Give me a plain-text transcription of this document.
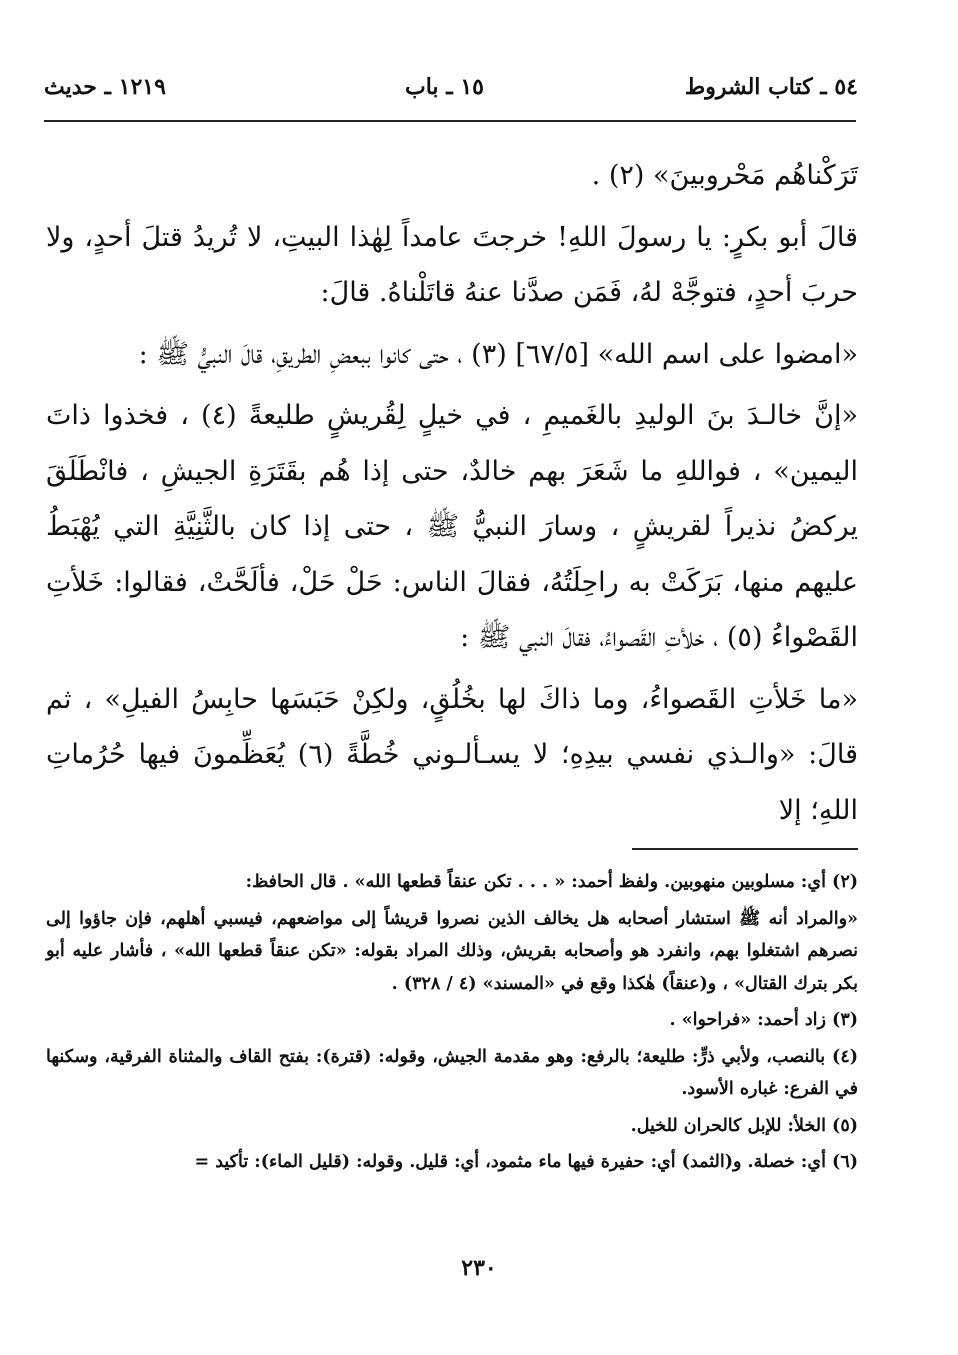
٥٤ ـ كتاب الشروط
١٥ ـ باب
١٢١٩ ـ حديث

تَرَكْناهُم مَحْروبينَ» (٢) .

قالَ أبو بكرٍ: يا رسولَ اللهِ! خرجتَ عامداً لِهٰذا البيتِ، لا تُريدُ قتلَ أحدٍ، ولا حربَ أحدٍ، فتوجَّهْ لهُ، فَمَن صدَّنا عنهُ قاتَلْناهُ. قالَ:

«امضوا على اسم الله» [٦٧/٥] (٣) ، حتى كانوا ببعضِ الطريقِ، قالَ النبيُّ ﷺ :

«إنَّ خالـدَ بنَ الوليدِ بالغَميمِ ، في خيلٍ لِقُريشٍ طليعةً (٤) ، فخذوا ذاتَ اليمين» ، فواللهِ ما شَعَرَ بهم خالدٌ، حتى إذا هُم بقَتَرَةِ الجيشِ ، فانْطَلَقَ يركضُ نذيراً لقريشٍ ، وسارَ النبيُّ ﷺ ، حتى إذا كان بالثَّنِيَّةِ التي يُهْبَطُ عليهم منها، بَرَكَتْ به راحِلَتُهُ، فقالَ الناس: حَلْ حَلْ، فألَحَّتْ، فقالوا: خَلأتِ القَصْواءُ (٥) ، خلأتِ القَصواءُ، فقالَ النبي ﷺ :

«ما خَلأتِ القَصواءُ، وما ذاكَ لها بخُلُقٍ، ولكِنْ حَبَسَها حابِسُ الفيلِ» ، ثم قالَ: «والـذي نفسي بيدِهِ؛ لا يسـألـوني خُطَّةً (٦) يُعَظِّمونَ فيها حُرُماتِ اللهِ؛ إلا

(٢) أي: مسلوبين منهوبين. ولفظ أحمد: « . . . تكن عنقاً قطعها الله» . قال الحافظ:

«والمراد أنه ﷺ استشار أصحابه هل يخالف الذين نصروا قريشاً إلى مواضعهم، فيسبي أهلهم، فإن جاؤوا إلى نصرهم اشتغلوا بهم، وانفرد هو وأصحابه بقريش، وذلك المراد بقوله: «تكن عنقاً قطعها الله» ، فأشار عليه أبو بكر بترك القتال» ، و(عنقاً) هٰكذا وقع في «المسند» (٤ / ٣٢٨) .

(٣) زاد أحمد: «فراحوا» .

(٤) بالنصب، ولأبي ذرٍّ: طليعة؛ بالرفع: وهو مقدمة الجيش، وقوله: (قترة): بفتح القاف والمثناة الفرقية، وسكنها في الفرع: غباره الأسود.

(٥) الخلأ: للإبل كالحران للخيل.

(٦) أي: خصلة. و(الثمد) أي: حفيرة فيها ماء مثمود، أي: قليل. وقوله: (قليل الماء): تأكيد =

٢٣٠
